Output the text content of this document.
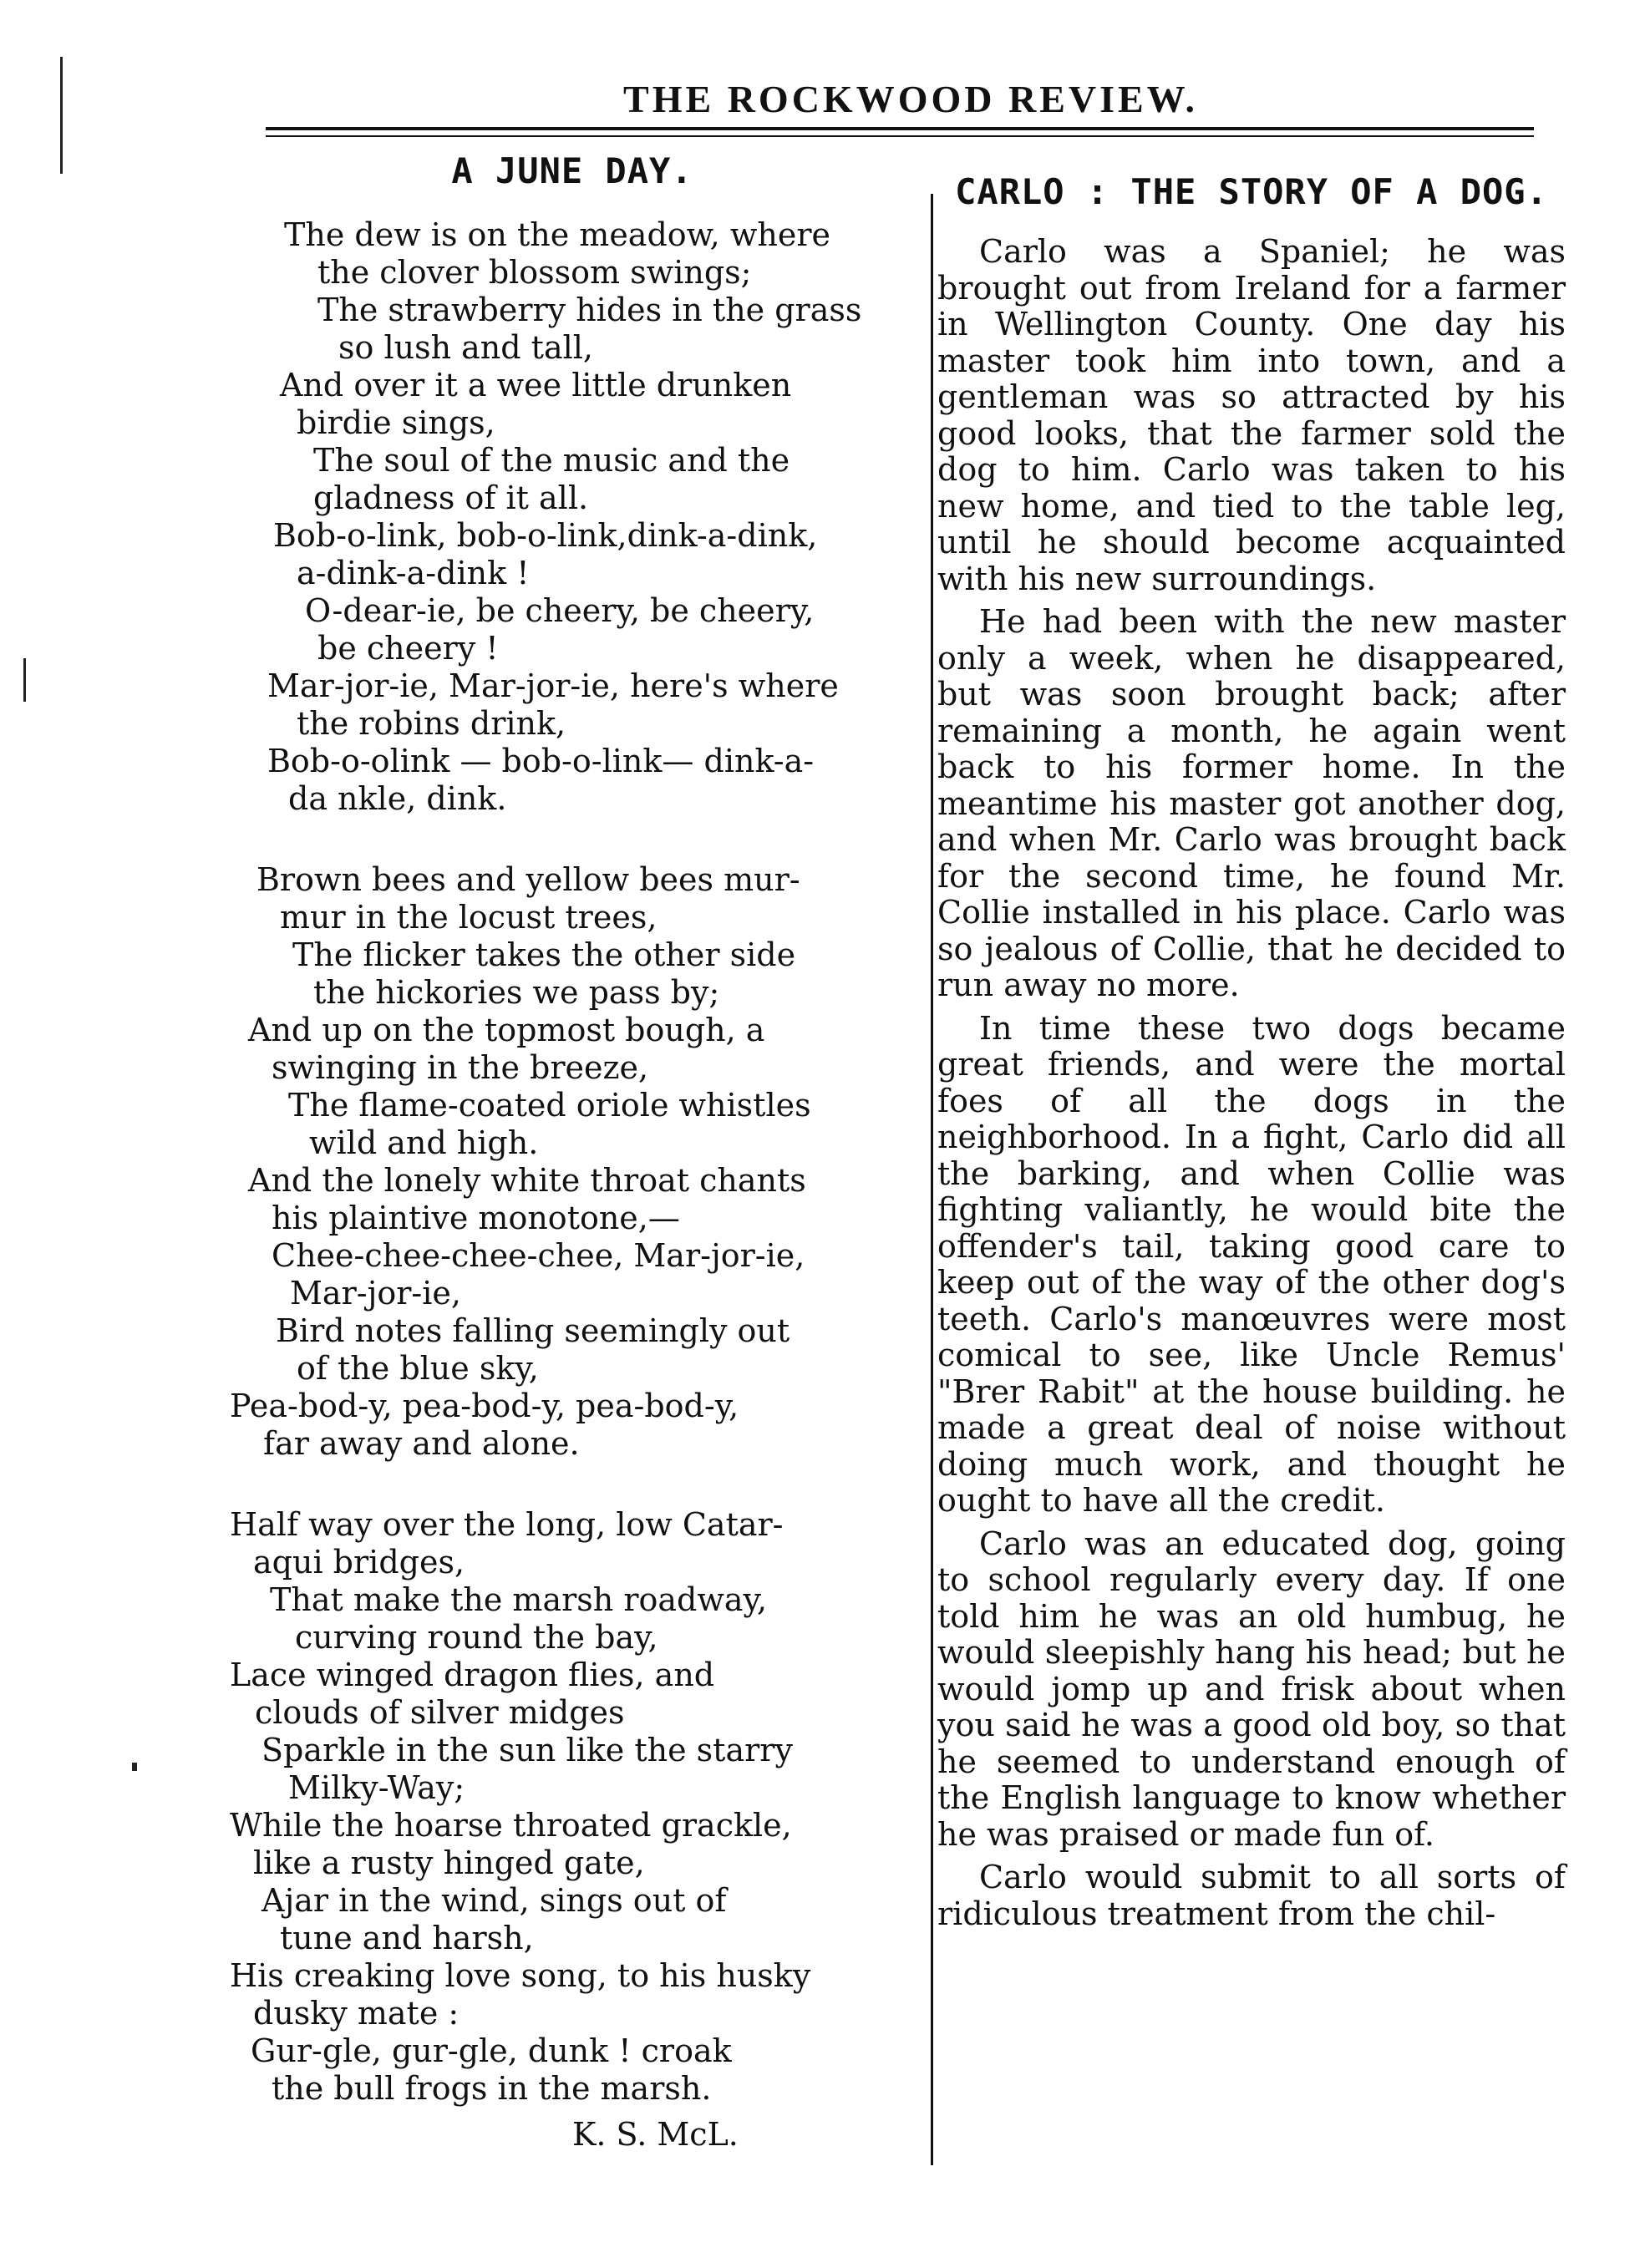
THE ROCKWOOD REVIEW.
A JUNE DAY.
The dew is on the meadow, where
the clover blossom swings;
The strawberry hides in the grass
so lush and tall,
And over it a wee little drunken
birdie sings,
The soul of the music and the
gladness of it all.
Bob-o-link, bob-o-link,dink-a-dink,
a-dink-a-dink !
O-dear-ie, be cheery, be cheery,
be cheery !
Mar-jor-ie, Mar-jor-ie, here's where
the robins drink,
Bob-o-olink — bob-o-link— dink-a-
da nkle, dink.
Brown bees and yellow bees mur-
mur in the locust trees,
The flicker takes the other side
the hickories we pass by;
And up on the topmost bough, a
swinging in the breeze,
The flame-coated oriole whistles
wild and high.
And the lonely white throat chants
his plaintive monotone,—
Chee-chee-chee-chee, Mar-jor-ie,
Mar-jor-ie,
Bird notes falling seemingly out
of the blue sky,
Pea-bod-y, pea-bod-y, pea-bod-y,
far away and alone.
Half way over the long, low Catar-
aqui bridges,
That make the marsh roadway,
curving round the bay,
Lace winged dragon flies, and
clouds of silver midges
Sparkle in the sun like the starry
Milky-Way;
While the hoarse throated grackle,
like a rusty hinged gate,
Ajar in the wind, sings out of
tune and harsh,
His creaking love song, to his husky
dusky mate :
Gur-gle, gur-gle, dunk ! croak
the bull frogs in the marsh.
K. S. McL.
CARLO : THE STORY OF A DOG.

Carlo was a Spaniel; he was brought out from Ireland for a farmer in Wellington County. One day his master took him into town, and a gentleman was so attracted by his good looks, that the farmer sold the dog to him. Carlo was taken to his new home, and tied to the table leg, until he should become acquainted with his new surroundings.

He had been with the new master only a week, when he disappeared, but was soon brought back; after remaining a month, he again went back to his former home. In the meantime his master got another dog, and when Mr. Carlo was brought back for the second time, he found Mr. Collie installed in his place. Carlo was so jealous of Collie, that he decided to run away no more.

In time these two dogs became great friends, and were the mortal foes of all the dogs in the neighborhood. In a fight, Carlo did all the barking, and when Collie was fighting valiantly, he would bite the offender's tail, taking good care to keep out of the way of the other dog's teeth. Carlo's manœuvres were most comical to see, like Uncle Remus' "Brer Rabit" at the house building. he made a great deal of noise without doing much work, and thought he ought to have all the credit.

Carlo was an educated dog, going to school regularly every day. If one told him he was an old humbug, he would sleepishly hang his head; but he would jomp up and frisk about when you said he was a good old boy, so that he seemed to understand enough of the English language to know whether he was praised or made fun of.

Carlo would submit to all sorts of ridiculous treatment from the chil-
